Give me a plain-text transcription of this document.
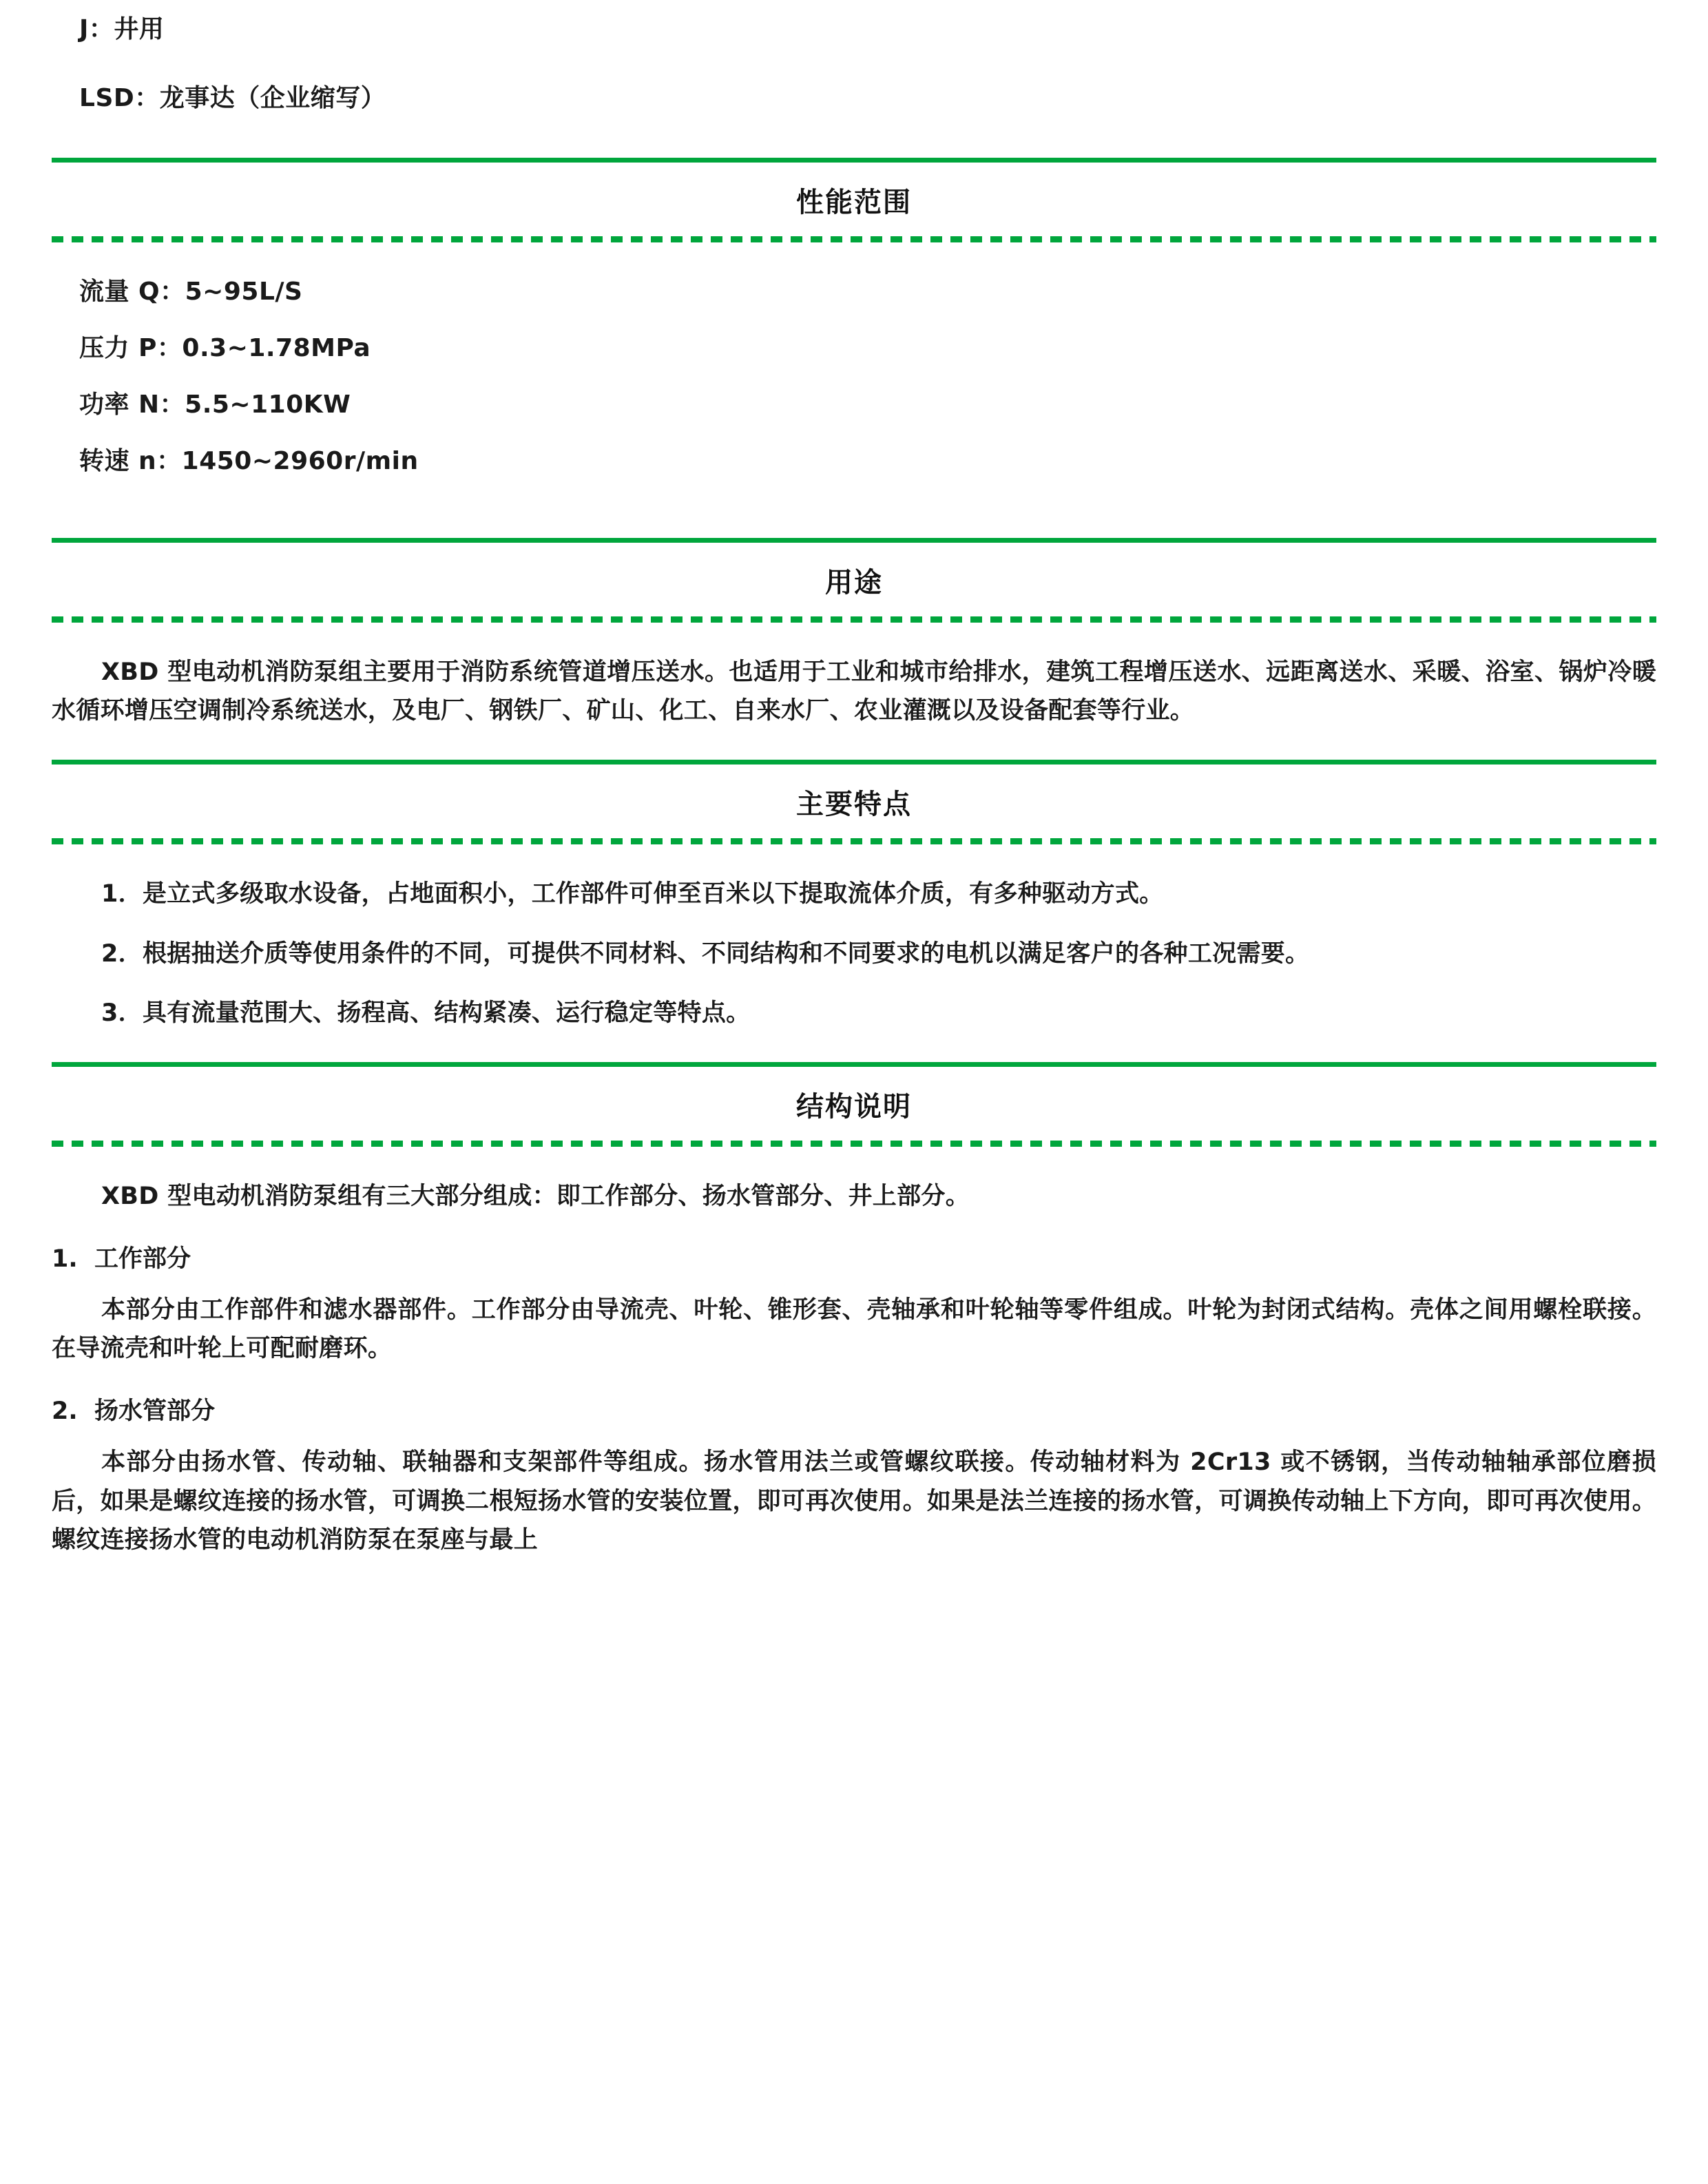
J：井用

LSD：龙事达（企业缩写）

性能范围
流量 Q：5~95L/S
压力 P：0.3~1.78MPa
功率 N：5.5~110KW
转速 n：1450~2960r/min
用途

XBD 型电动机消防泵组主要用于消防系统管道增压送水。也适用于工业和城市给排水，建筑工程增压送水、远距离送水、采暖、浴室、锅炉冷暖水循环增压空调制冷系统送水，及电厂、钢铁厂、矿山、化工、自来水厂、农业灌溉以及设备配套等行业。

主要特点

1．是立式多级取水设备，占地面积小，工作部件可伸至百米以下提取流体介质，有多种驱动方式。

2．根据抽送介质等使用条件的不同，可提供不同材料、不同结构和不同要求的电机以满足客户的各种工况需要。

3．具有流量范围大、扬程高、结构紧凑、运行稳定等特点。

结构说明

XBD 型电动机消防泵组有三大部分组成：即工作部分、扬水管部分、井上部分。

1. 工作部分

本部分由工作部件和滤水器部件。工作部分由导流壳、叶轮、锥形套、壳轴承和叶轮轴等零件组成。叶轮为封闭式结构。壳体之间用螺栓联接。在导流壳和叶轮上可配耐磨环。

2. 扬水管部分

本部分由扬水管、传动轴、联轴器和支架部件等组成。扬水管用法兰或管螺纹联接。传动轴材料为 2Cr13 或不锈钢，当传动轴轴承部位磨损后，如果是螺纹连接的扬水管，可调换二根短扬水管的安装位置，即可再次使用。如果是法兰连接的扬水管，可调换传动轴上下方向，即可再次使用。螺纹连接扬水管的电动机消防泵在泵座与最上
